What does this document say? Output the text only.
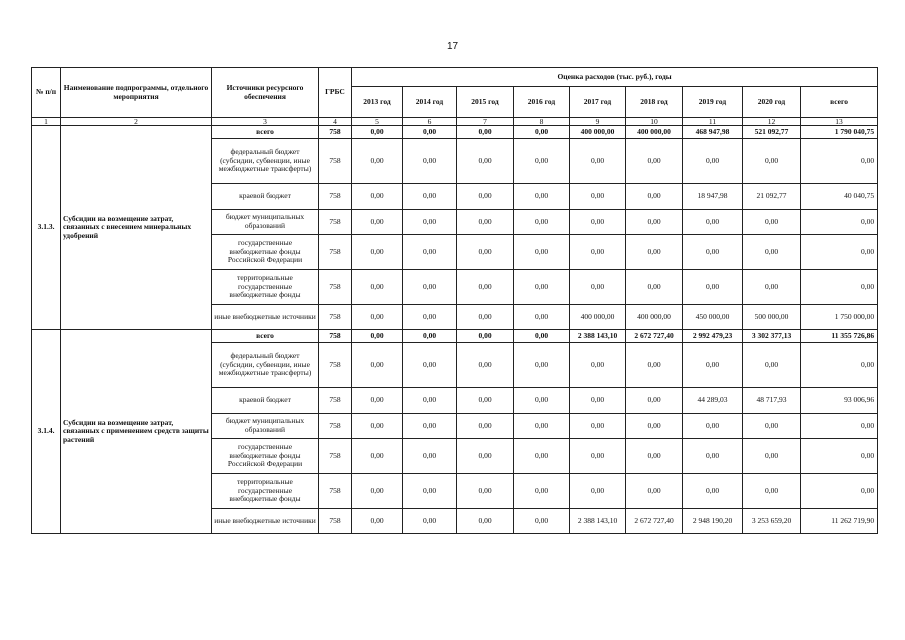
17
№ п/п	Наименование подпрограммы, отдельного мероприятия	Источники ресурсного обеспечения	ГРБС	Оценка расходов (тыс. руб.), годы								
				2013 год	2014 год	2015 год	2016 год	2017 год	2018 год	2019 год	2020 год	всего
1	2	3	4	5	6	7	8	9	10	11	12	13
3.1.3.	Субсидии на возмещение затрат, связанных с внесением минеральных удобрений	всего	758	0,00	0,00	0,00	0,00	400 000,00	400 000,00	468 947,98	521 092,77	1 790 040,75
		федеральный бюджет (субсидии, субвенции, иные межбюджетные трансферты)	758	0,00	0,00	0,00	0,00	0,00	0,00	0,00	0,00	0,00
		краевой бюджет	758	0,00	0,00	0,00	0,00	0,00	0,00	18 947,98	21 092,77	40 040,75
		бюджет муниципальных образований	758	0,00	0,00	0,00	0,00	0,00	0,00	0,00	0,00	0,00
		государственные внебюджетные фонды Российской Федерации	758	0,00	0,00	0,00	0,00	0,00	0,00	0,00	0,00	0,00
		территориальные государственные внебюджетные фонды	758	0,00	0,00	0,00	0,00	0,00	0,00	0,00	0,00	0,00
		иные внебюджетные источники	758	0,00	0,00	0,00	0,00	400 000,00	400 000,00	450 000,00	500 000,00	1 750 000,00
3.1.4.	Субсидии на возмещение затрат, связанных с применением средств защиты растений	всего	758	0,00	0,00	0,00	0,00	2 388 143,10	2 672 727,40	2 992 479,23	3 302 377,13	11 355 726,86
		федеральный бюджет (субсидии, субвенции, иные межбюджетные трансферты)	758	0,00	0,00	0,00	0,00	0,00	0,00	0,00	0,00	0,00
		краевой бюджет	758	0,00	0,00	0,00	0,00	0,00	0,00	44 289,03	48 717,93	93 006,96
		бюджет муниципальных образований	758	0,00	0,00	0,00	0,00	0,00	0,00	0,00	0,00	0,00
		государственные внебюджетные фонды Российской Федерации	758	0,00	0,00	0,00	0,00	0,00	0,00	0,00	0,00	0,00
		территориальные государственные внебюджетные фонды	758	0,00	0,00	0,00	0,00	0,00	0,00	0,00	0,00	0,00
		иные внебюджетные источники	758	0,00	0,00	0,00	0,00	2 388 143,10	2 672 727,40	2 948 190,20	3 253 659,20	11 262 719,90
